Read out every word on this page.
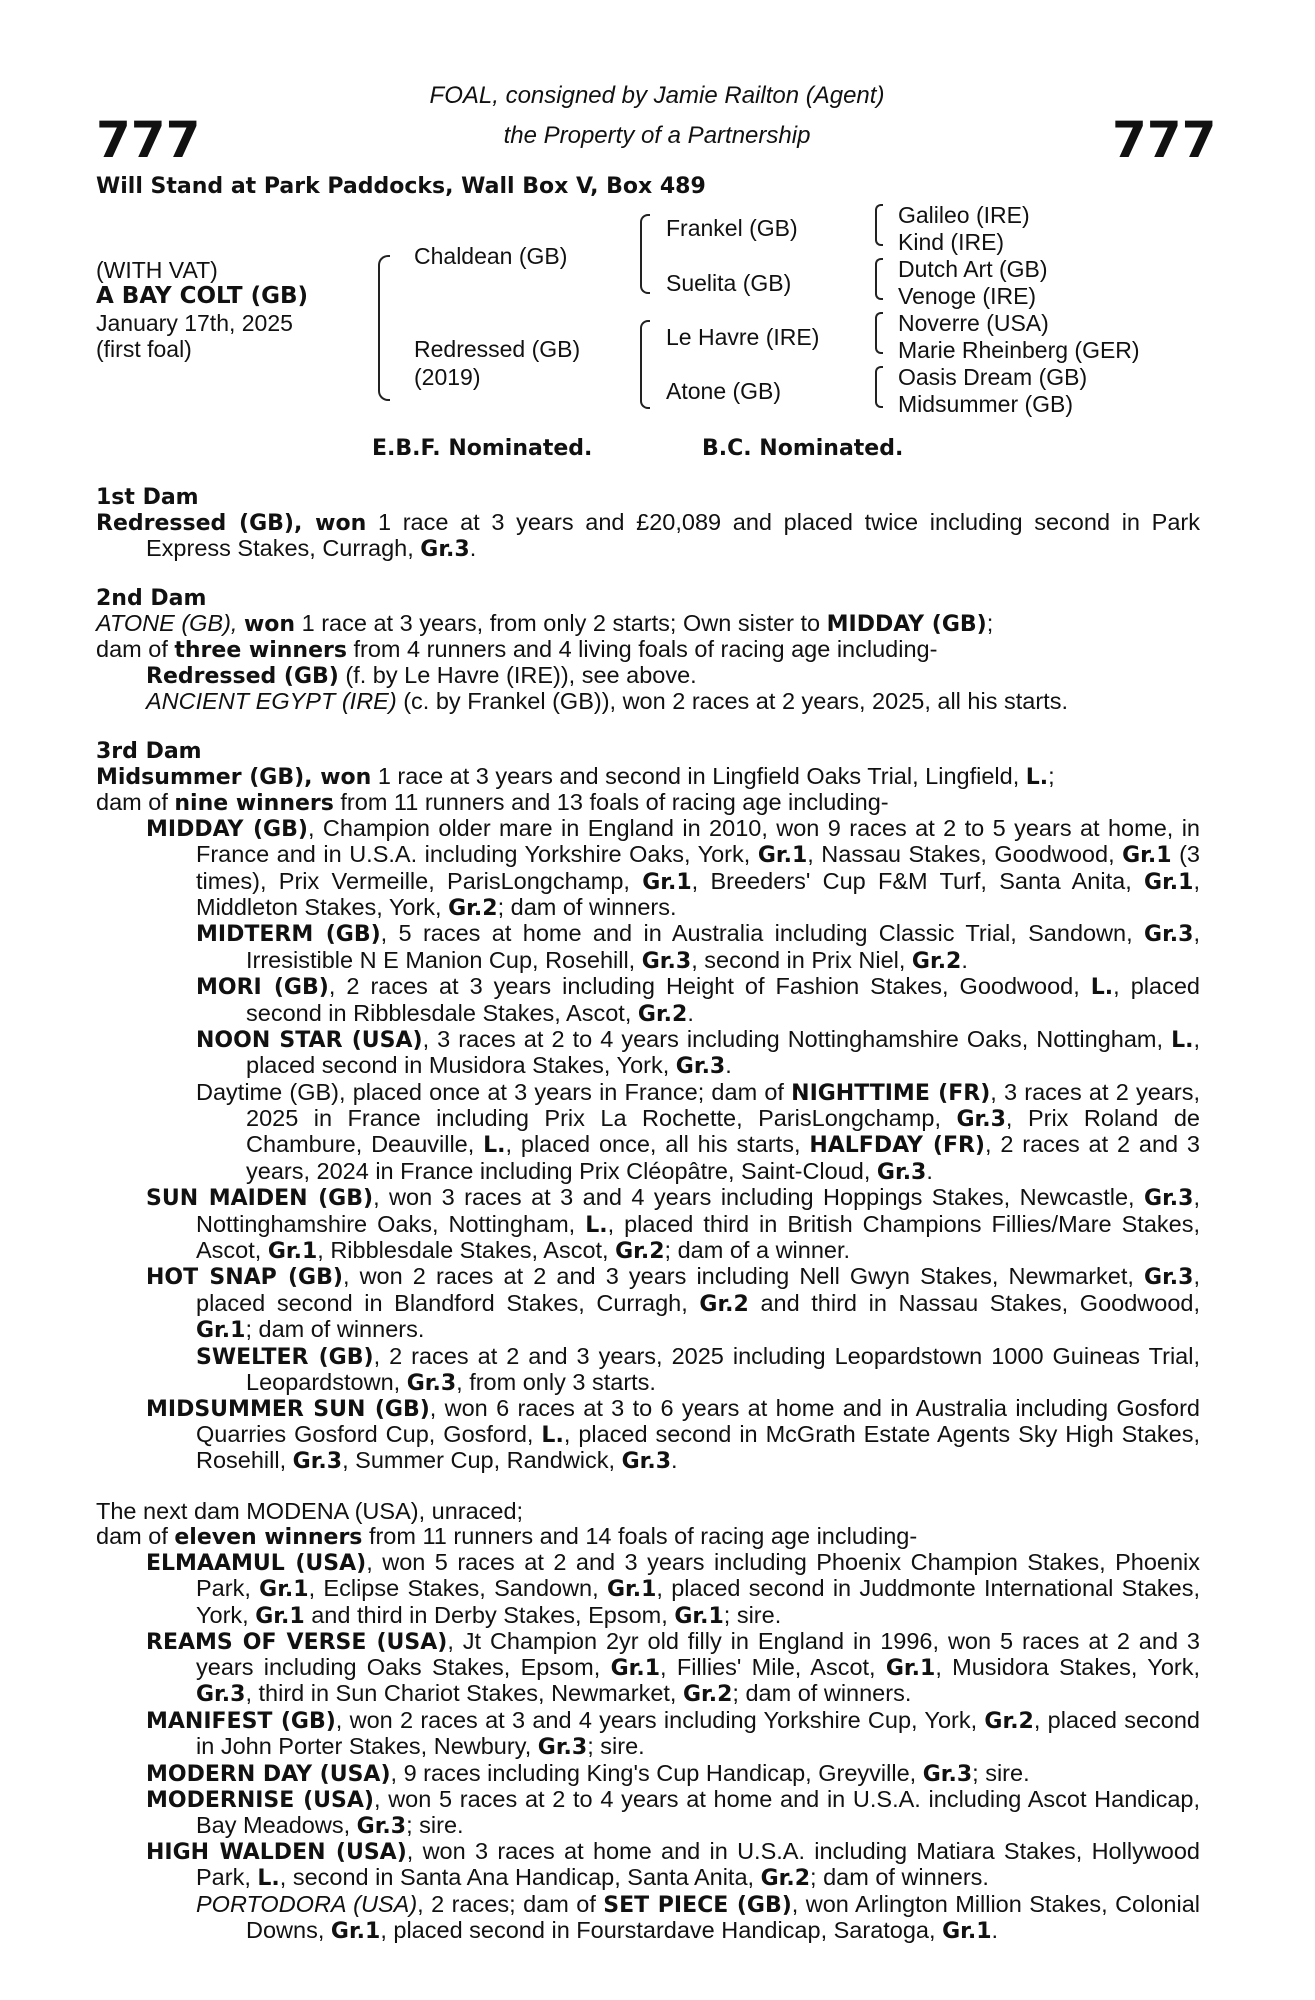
777	777
FOAL, consigned by Jamie Railton (Agent)
the Property of a Partnership
Will Stand at Park Paddocks, Wall Box V, Box 489
(WITH VAT)
A BAY COLT (GB)
January 17th, 2025
(first foal)
Chaldean (GB)
Redressed (GB)
(2019)
Frankel (GB)
Suelita (GB)
Le Havre (IRE)
Atone (GB)
Galileo (IRE)
Kind (IRE)
Dutch Art (GB)
Venoge (IRE)
Noverre (USA)
Marie Rheinberg (GER)
Oasis Dream (GB)
Midsummer (GB)
E.B.F. Nominated.	B.C. Nominated.
1st Dam
Redressed (GB), won 1 race at 3 years and £20,089 and placed twice including second in Park Express Stakes, Curragh, Gr.3.
2nd Dam
ATONE (GB), won 1 race at 3 years, from only 2 starts; Own sister to MIDDAY (GB);
dam of three winners from 4 runners and 4 living foals of racing age including-
Redressed (GB) (f. by Le Havre (IRE)), see above.
ANCIENT EGYPT (IRE) (c. by Frankel (GB)), won 2 races at 2 years, 2025, all his starts.
3rd Dam
Midsummer (GB), won 1 race at 3 years and second in Lingfield Oaks Trial, Lingfield, L.;
dam of nine winners from 11 runners and 13 foals of racing age including-
MIDDAY (GB), Champion older mare in England in 2010, won 9 races at 2 to 5 years at home, in France and in U.S.A. including Yorkshire Oaks, York, Gr.1, Nassau Stakes, Goodwood, Gr.1 (3 times), Prix Vermeille, ParisLongchamp, Gr.1, Breeders' Cup F&M Turf, Santa Anita, Gr.1, Middleton Stakes, York, Gr.2; dam of winners.
MIDTERM (GB), 5 races at home and in Australia including Classic Trial, Sandown, Gr.3, Irresistible N E Manion Cup, Rosehill, Gr.3, second in Prix Niel, Gr.2.
MORI (GB), 2 races at 3 years including Height of Fashion Stakes, Goodwood, L., placed second in Ribblesdale Stakes, Ascot, Gr.2.
NOON STAR (USA), 3 races at 2 to 4 years including Nottinghamshire Oaks, Nottingham, L., placed second in Musidora Stakes, York, Gr.3.
Daytime (GB), placed once at 3 years in France; dam of NIGHTTIME (FR), 3 races at 2 years, 2025 in France including Prix La Rochette, ParisLongchamp, Gr.3, Prix Roland de Chambure, Deauville, L., placed once, all his starts, HALFDAY (FR), 2 races at 2 and 3 years, 2024 in France including Prix Cléopâtre, Saint-Cloud, Gr.3.
SUN MAIDEN (GB), won 3 races at 3 and 4 years including Hoppings Stakes, Newcastle, Gr.3, Nottinghamshire Oaks, Nottingham, L., placed third in British Champions Fillies/Mare Stakes, Ascot, Gr.1, Ribblesdale Stakes, Ascot, Gr.2; dam of a winner.
HOT SNAP (GB), won 2 races at 2 and 3 years including Nell Gwyn Stakes, Newmarket, Gr.3, placed second in Blandford Stakes, Curragh, Gr.2 and third in Nassau Stakes, Goodwood, Gr.1; dam of winners.
SWELTER (GB), 2 races at 2 and 3 years, 2025 including Leopardstown 1000 Guineas Trial, Leopardstown, Gr.3, from only 3 starts.
MIDSUMMER SUN (GB), won 6 races at 3 to 6 years at home and in Australia including Gosford Quarries Gosford Cup, Gosford, L., placed second in McGrath Estate Agents Sky High Stakes, Rosehill, Gr.3, Summer Cup, Randwick, Gr.3.
The next dam MODENA (USA), unraced;
dam of eleven winners from 11 runners and 14 foals of racing age including-
ELMAAMUL (USA), won 5 races at 2 and 3 years including Phoenix Champion Stakes, Phoenix Park, Gr.1, Eclipse Stakes, Sandown, Gr.1, placed second in Juddmonte International Stakes, York, Gr.1 and third in Derby Stakes, Epsom, Gr.1; sire.
REAMS OF VERSE (USA), Jt Champion 2yr old filly in England in 1996, won 5 races at 2 and 3 years including Oaks Stakes, Epsom, Gr.1, Fillies' Mile, Ascot, Gr.1, Musidora Stakes, York, Gr.3, third in Sun Chariot Stakes, Newmarket, Gr.2; dam of winners.
MANIFEST (GB), won 2 races at 3 and 4 years including Yorkshire Cup, York, Gr.2, placed second in John Porter Stakes, Newbury, Gr.3; sire.
MODERN DAY (USA), 9 races including King's Cup Handicap, Greyville, Gr.3; sire.
MODERNISE (USA), won 5 races at 2 to 4 years at home and in U.S.A. including Ascot Handicap, Bay Meadows, Gr.3; sire.
HIGH WALDEN (USA), won 3 races at home and in U.S.A. including Matiara Stakes, Hollywood Park, L., second in Santa Ana Handicap, Santa Anita, Gr.2; dam of winners.
PORTODORA (USA), 2 races; dam of SET PIECE (GB), won Arlington Million Stakes, Colonial Downs, Gr.1, placed second in Fourstardave Handicap, Saratoga, Gr.1.
